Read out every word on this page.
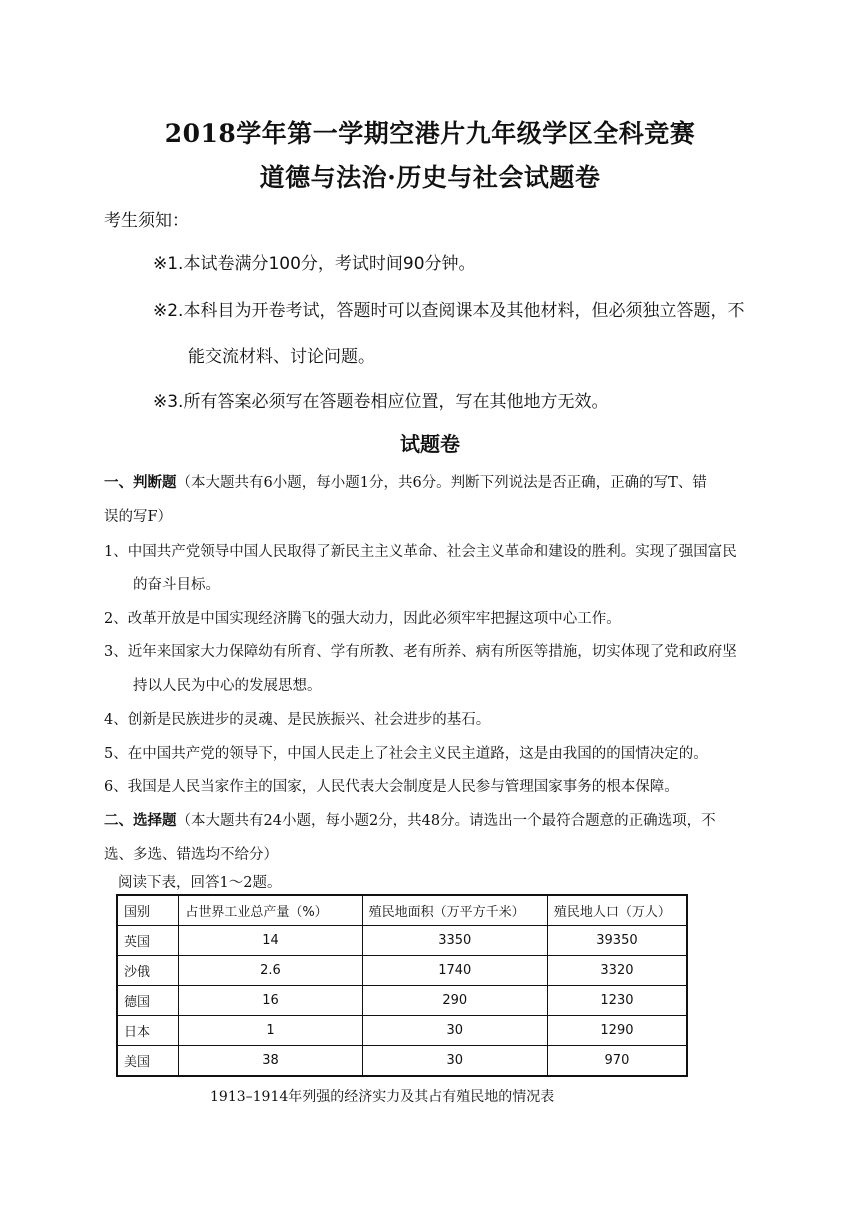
2018学年第一学期空港片九年级学区全科竞赛
道德与法治·历史与社会试题卷
考生须知：
※1.本试卷满分100分，考试时间90分钟。
※2.本科目为开卷考试，答题时可以查阅课本及其他材料，但必须独立答题，不
能交流材料、讨论问题。
※3.所有答案必须写在答题卷相应位置，写在其他地方无效。
试题卷
一、判断题（本大题共有6小题，每小题1分，共6分。判断下列说法是否正确，正确的写T、错
误的写F）
1、中国共产党领导中国人民取得了新民主主义革命、社会主义革命和建设的胜利。实现了强国富民
的奋斗目标。
2、改革开放是中国实现经济腾飞的强大动力，因此必须牢牢把握这项中心工作。
3、近年来国家大力保障幼有所育、学有所教、老有所养、病有所医等措施，切实体现了党和政府坚
持以人民为中心的发展思想。
4、创新是民族进步的灵魂、是民族振兴、社会进步的基石。
5、在中国共产党的领导下，中国人民走上了社会主义民主道路，这是由我国的的国情决定的。
6、我国是人民当家作主的国家，人民代表大会制度是人民参与管理国家事务的根本保障。
二、选择题（本大题共有24小题，每小题2分，共48分。请选出一个最符合题意的正确选项，不
选、多选、错选均不给分）
阅读下表，回答1～2题。
国别	占世界工业总产量（%）	殖民地面积（万平方千米）	殖民地人口（万人）
英国	14	3350	39350
沙俄	2.6	1740	3320
德国	16	290	1230
日本	1	30	1290
美国	38	30	970
1913–1914年列强的经济实力及其占有殖民地的情况表
